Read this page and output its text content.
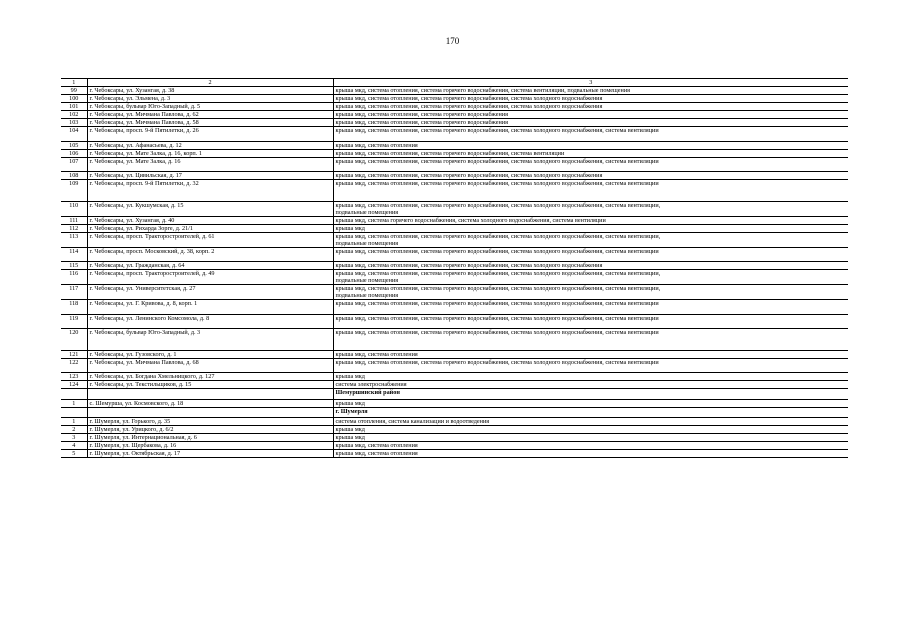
170
1	2	3
99	г. Чебоксары, ул. Хузангая, д. 38	крыша мкд, система отопления, система горячего водоснабжения, система вентиляции, подвальные помещения

100	г. Чебоксары, ул. Эльмена, д. 3	крыша мкд, система отопления, система горячего водоснабжения, система холодного водоснабжения

101	г. Чебоксары, бульвар Юго-Западный, д. 5	крыша мкд, система отопления, система горячего водоснабжения, система холодного водоснабжения

102	г. Чебоксары, ул. Мичмана Павлова, д. 62	крыша мкд, система отопления, система горячего водоснабжения

103	г. Чебоксары, ул. Мичмана Павлова, д. 58	крыша мкд, система отопления, система горячего водоснабжения

104	г. Чебоксары, просп. 9-й Пятилетки, д. 26	крыша мкд, система отопления, система горячего водоснабжения, система холодного водоснабжения, система вентиляции

105	г. Чебоксары, ул. Афанасьева, д. 12	крыша мкд, система отопления

106	г. Чебоксары, ул. Мате Залка, д. 16, корп. 1	крыша мкд, система отопления, система горячего водоснабжения, система вентиляции

107	г. Чебоксары, ул. Мате Залка, д. 16	крыша мкд, система отопления, система горячего водоснабжения, система холодного водоснабжения, система вентиляции

108	г. Чебоксары, ул. Цивильская, д. 17	крыша мкд, система отопления, система горячего водоснабжения, система холодного водоснабжения

109	г. Чебоксары, просп. 9-й Пятилетки, д. 32	крыша мкд, система отопления, система горячего водоснабжения, система холодного водоснабжения, система вентиляции

110	г. Чебоксары, ул. Кукшумская, д. 15	крыша мкд, система отопления, система горячего водоснабжения, система холодного водоснабжения, система вентиляции,
подвальные помещения

111	г. Чебоксары, ул. Хузангая, д. 40	крыша мкд, система горячего водоснабжения, система холодного водоснабжения, система вентиляции

112	г. Чебоксары, ул. Рихарда Зорге, д. 21/1	крыша мкд

113	г. Чебоксары, просп. Тракторостроителей, д. 61	крыша мкд, система отопления, система горячего водоснабжения, система холодного водоснабжения, система вентиляции,
подвальные помещения

114	г. Чебоксары, просп. Московский, д. 38, корп. 2	крыша мкд, система отопления, система горячего водоснабжения, система холодного водоснабжения, система вентиляции

115	г. Чебоксары, ул. Гражданская, д. 64	крыша мкд, система отопления, система горячего водоснабжения, система холодного водоснабжения

116	г. Чебоксары, просп. Тракторостроителей, д. 49	крыша мкд, система отопления, система горячего водоснабжения, система холодного водоснабжения, система вентиляции,
подвальные помещения

117	г. Чебоксары, ул. Университетская, д. 27	крыша мкд, система отопления, система горячего водоснабжения, система холодного водоснабжения, система вентиляции,
подвальные помещения

118	г. Чебоксары, ул. Г. Кривова, д. 8, корп. 1	крыша мкд, система отопления, система горячего водоснабжения, система холодного водоснабжения, система вентиляции

119	г. Чебоксары, ул. Ленинского Комсомола, д. 8	крыша мкд, система отопления, система горячего водоснабжения, система холодного водоснабжения, система вентиляции

120	г. Чебоксары, бульвар Юго-Западный, д. 3	крыша мкд, система отопления, система горячего водоснабжения, система холодного водоснабжения, система вентиляции

121	г. Чебоксары, ул. Гузовского, д. 1	крыша мкд, система отопления

122	г. Чебоксары, ул. Мичмана Павлова, д. 68	крыша мкд, система отопления, система горячего водоснабжения, система холодного водоснабжения, система вентиляции

123	г. Чебоксары, ул. Богдана Хмельницкого, д. 127	крыша мкд

124	г. Чебоксары, ул. Текстильщиков, д. 15	система электроснабжения

		Шемуршинский район
1	с. Шемурша, ул. Космовского, д. 18	крыша мкд

		г. Шумерля
1	г. Шумерля, ул. Горького, д. 35	система отопления, система канализации и водоотведения

2	г. Шумерля, ул. Урицкого, д. 6/2	крыша мкд

3	г. Шумерля, ул. Интернациональная, д. 6	крыша мкд

4	г. Шумерля, ул. Щербакова, д. 16	крыша мкд, система отопления

5	г. Шумерля, ул. Октябрьская, д. 17	крыша мкд, система отопления
